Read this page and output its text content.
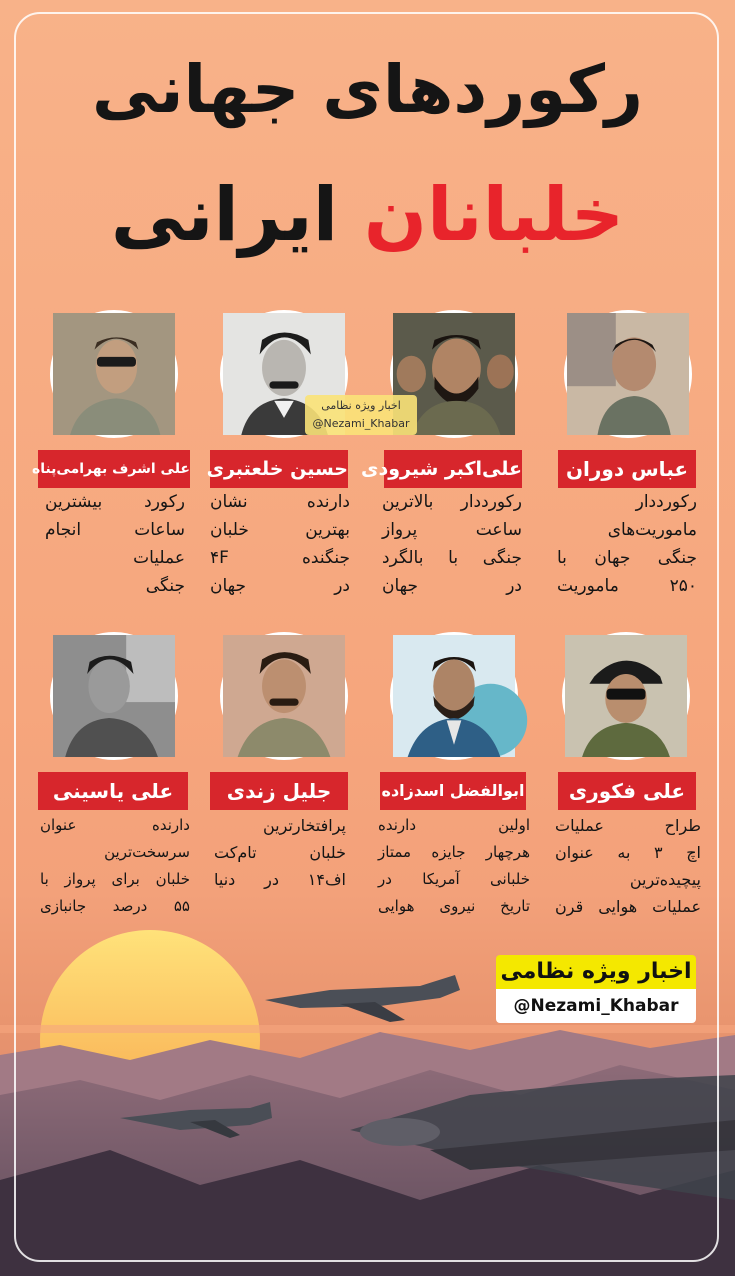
رکوردهای جهانی
خلبانان ایرانی
اخبار ویژه نظامی
@Nezami_Khabar
عباس دوران
علی‌اکبر شیرودی
حسین خلعتبری
علی اشرف بهرامی‌پناه
رکورددار
ماموریت‌های
جنگی جهان با
۲۵۰ ماموریت
رکورددار بالاترین
ساعت پرواز
جنگی با بالگرد
در جهان
دارنده نشان
بهترین خلبان
جنگنده ۴F
در جهان
رکورد بیشترین
ساعات انجام
عملیات
جنگی
علی فکوری
ابوالفضل اسدزاده
جلیل زندی
علی یاسینی
طراح عملیات
اچ ۳ به عنوان
پیچیده‌ترین
عملیات هوایی قرن
اولین دارنده
هرچهار جایزه ممتاز
خلبانی آمریکا در
تاریخ نیروی هوایی
پرافتخارترین
خلبان تام‌کت
اف۱۴ در دنیا
دارنده عنوان
سرسخت‌ترین
خلبان برای پرواز با
۵۵ درصد جانبازی
اخبار ویژه نظامی
@Nezami_Khabar
